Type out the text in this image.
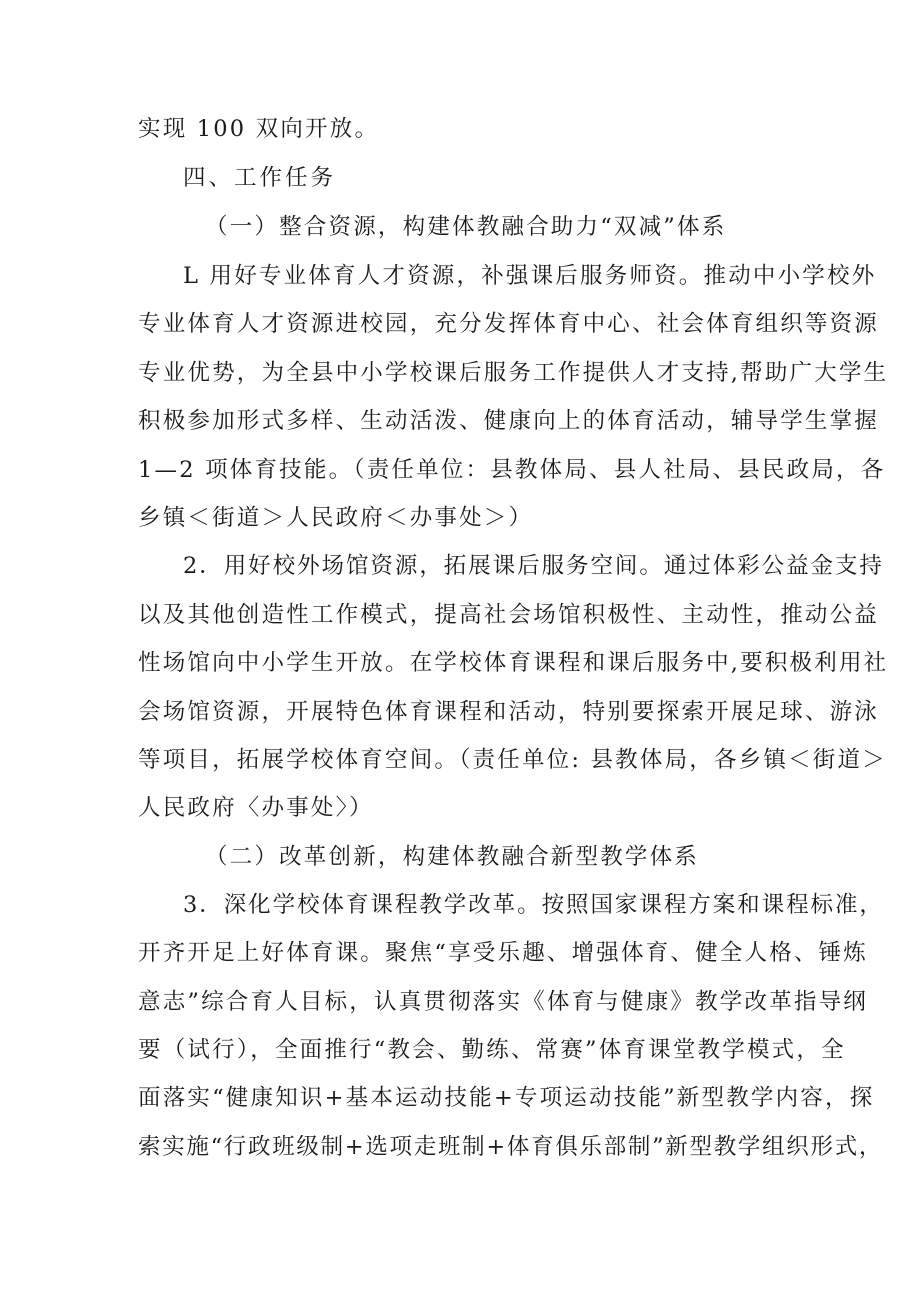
实现 100 双向开放。
四、工作任务
（一）整合资源，构建体教融合助力“双减”体系
L 用好专业体育人才资源，补强课后服务师资。推动中小学校外
专业体育人才资源进校园，充分发挥体育中心、社会体育组织等资源
专业优势，为全县中小学校课后服务工作提供人才支持,帮助广大学生
积极参加形式多样、生动活泼、健康向上的体育活动，辅导学生掌握
1—2 项体育技能。（责任单位：县教体局、县人社局、县民政局，各
乡镇＜街道＞人民政府＜办事处＞）
2．用好校外场馆资源，拓展课后服务空间。通过体彩公益金支持
以及其他创造性工作模式，提高社会场馆积极性、主动性，推动公益
性场馆向中小学生开放。在学校体育课程和课后服务中,要积极利用社
会场馆资源，开展特色体育课程和活动，特别要探索开展足球、游泳
等项目，拓展学校体育空间。（责任单位: 县教体局，各乡镇＜街道＞
人民政府〈办事处〉）
（二）改革创新，构建体教融合新型教学体系
3．深化学校体育课程教学改革。按照国家课程方案和课程标准，
开齐开足上好体育课。聚焦“享受乐趣、增强体育、健全人格、锤炼
意志”综合育人目标，认真贯彻落实《体育与健康》教学改革指导纲
要（试行），全面推行“教会、勤练、常赛”体育课堂教学模式，全
面落实“健康知识+基本运动技能+专项运动技能”新型教学内容，探
索实施“行政班级制+选项走班制+体育俱乐部制”新型教学组织形式，
